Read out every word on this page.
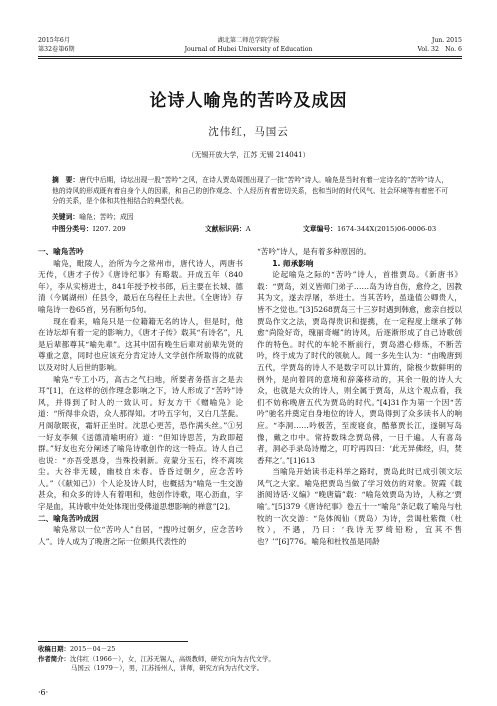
2015年6月
第32卷第6期
湖北第二师范学院学报
Journal of Hubei University of Education
Jun. 2015
Vol. 32　No. 6
论诗人喻凫的苦吟及成因
沈伟红，马国云
（无锡开放大学，江苏 无锡 214041）
摘　要：唐代中后期，诗坛出现一股“苦吟”之风，在诗人贾岛周围出现了一批“苦吟”诗人。喻凫是当时有着一定诗名的“苦吟”诗人，他的诗风的形成既有着自身个人的因素，和自己的创作观念、个人经历有着密切关系，也和当时的时代风气、社会环境等有着密不可分的关系，是个体和共性相结合的典型代表。
关键词：喻凫；苦吟；成因
中图分类号：I207. 209	文献标识码：A	文章编号：1674-344X(2015)06-0006-03

一、喻凫苦吟

喻凫，毗陵人，治所为今之常州市，唐代诗人，两唐书无传，《唐才子传》《唐诗纪事》有略载。开成五年（840年），李从实榜进士，841年授予校书郎，后主要在长城、德清（今属湖州）任县令，最后在乌程任上去世。《全唐诗》存喻凫诗一卷65首，另有断句5句。

现在看来，喻凫只是一位籍籍无名的诗人，但是时，他在诗坛却有着一定的影响力，《唐才子传》载其“有诗名”，凡是后辈都尊其“喻先辈”。这其中固有晚生后辈对前辈先贤的尊重之意，同时也应该充分肯定诗人文学创作所取得的成就以及对时人后世的影响。

喻凫“专工小巧，高古之气扫地，所要者务搭言之是去耳”[1]，在这样的创作理念影响之下，诗人形成了“苦吟”诗风，并得到了时人的一致认可。好友方干《赠喻凫》论道：“所得非众语，众人那得知。才吟五字句，又白几茎髭。月阁欹眠夜，霜轩正坐时。沈思心更苦，恐作满头丝。”①另一好友李频《送德清喻明府》道：“但知诗思苦，为政即超群。”好友也充分阐述了喻凫诗歌创作的这一特点。诗人自己也说：“亦吾受恩身，当殊投刺新。竞蒙分玉石，终不离埃尘。大谷非无暖，幽枝自未春。昏昏过朝夕，应念苦吟人。”（《献知己》）个人论及诗人时，也概括为“喻凫一生交游甚众，和众多的诗人有着唱和，他创作诗歌，呕心沥血，字字是血，其诗歌中处处体现出受佛道思想影响的禅意”[2]。

二、喻凫苦吟成因

喻凫常以一位“苦吟人”自居，“搜吟过朝夕，应念苦吟人”。诗人成为了晚唐之际一位颇具代表性的

“苦吟”诗人，是有着多种原因的。

1. 师承影响

论起喻凫之际的“苦吟”诗人，首推贾岛。《新唐书》载：“贾岛，刘义皆师门弟子……岛为诗自伤，愈伶之，因教其为文，遂去浮屠，举进士。当其苦吟，虽逢值公卿贵人，皆不之觉也。”[3]5268贾岛三十三岁时遇到韩愈，愈亲自授以贾岛作文之法，贾岛得贵识和提携，在一定程度上继承了韩愈“尚险好奇，瑰丽奇崛”的诗风，后逐渐形成了自己诗歌创作的特色。时代的车轮不断前行，贾岛潜心修炼，不断苦吟，终于成为了时代的领航人。闻一多先生认为：“由晚唐到五代，学贾岛的诗人不是数字可以计算的，除极少数鲜明的例外，是向着同的意境和辞藻移动的，其余一般的诗人大众，也就是大众的诗人，则全属于贾岛，从这个观点看，我们不妨称晚唐五代为贾岛的时代。”[4]31作为第一个因“苦吟”驰名并奠定自身地位的诗人，贾岛得到了众多读书人的响应。“李洞……吟极苦，至废寝食，酷慕贾长江，遂铜写岛像，戴之巾中。常持数珠念贾岛佛，一日千遍。人有喜岛者，洞必手录岛诗赠之，叮咛再四曰：‘此无异佛经，归，焚香拜之’。”[1]613

当喻凫开始读书走科举之路时，贾岛此时已成引领文坛风气之大家。喻凫把贾岛当做了学习效仿的对象。贺霞《载浙阅诗话·义编》“晚唐篇”载：“喻凫效贾岛为诗，人称之‘贾喻’。”[5]379《唐诗纪事》卷五十一“喻凫”条记载了喻凫与杜牧的一次交游：“凫体阀仙（贾岛）为诗，尝谒杜紫微（杜牧），不遇，乃曰：‘我诗无罗绮铅粉，宜其不售也？’”[6]776。喻凫和杜牧虽是同龄

收稿日期：2015－04－25
作者简介：沈伟红（1966－），女，江苏无锡人，高级教师，研究方向为古代文学。
马国云（1979－），男，江苏扬州人，讲师，研究方向为古代文学。
·6·
